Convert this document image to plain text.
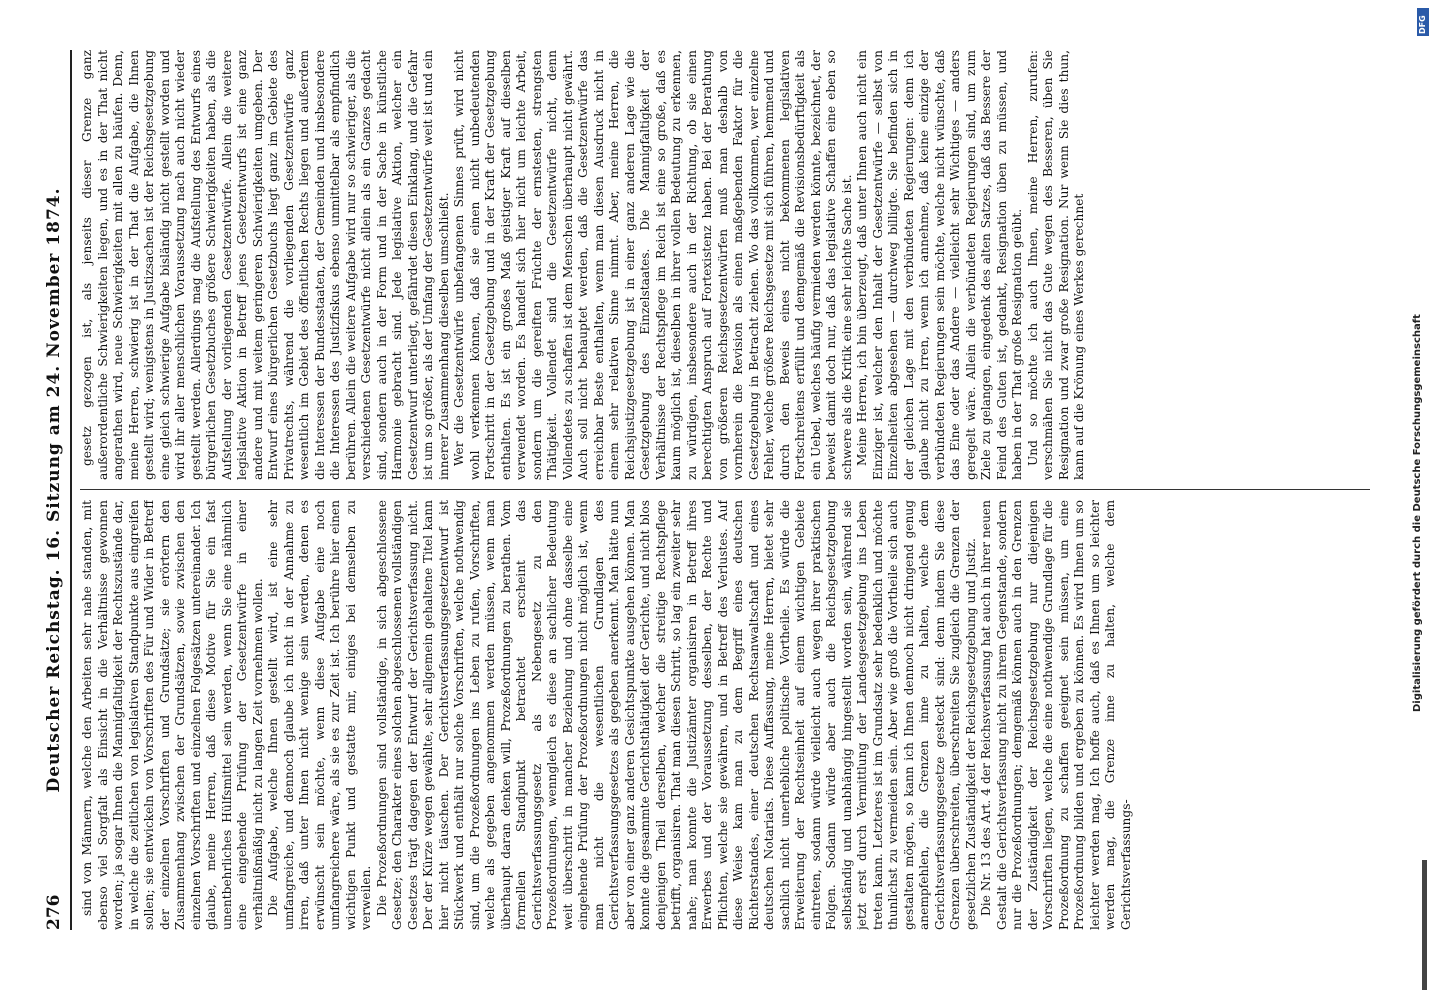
276
Deutscher Reichstag. 16. Sitzung am 24. November 1874. sind von Männern, welche den Arbeiten sehr nahe standen, mit ebenso viel Sorgfalt als Einsicht in die Verhältnisse gewonnen worden; ja sogar Ihnen die Mannigfaltigkeit der Rechtszustände dar, in welche die zeitlichen von legislativen Standpunkte aus eingreifen sollen; sie entwickeln von Vorschriften des Für und Wider in Betreff der einzelnen Vorschriften und Grundsätze; sie erörtern den Zusammenhang zwischen der Grundsätzen, sowie zwischen den einzelnen Vorschriften und einzelnen Folgesätzen untereinander. Ich glaube, meine Herren, daß diese Motive für Sie ein fast unentbehrliches Hülfsmittel sein werden, wenn Sie eine nähmlich eine eingehende Prüfung der Gesetzentwürfe in einer verhältnißmäßig nicht zu langen Zeit vornehmen wollen. Die Aufgabe, welche Ihnen gestellt wird, ist eine sehr umfangreiche, und dennoch glaube ich nicht in der Annahme zu irren, daß unter Ihnen nicht wenige sein werden, denen es erwünscht sein möchte, wenn diese Aufgabe eine noch umfangreichere wäre, als sie es zur Zeit ist. Ich berühre hier einen wichtigen Punkt und gestatte mir, einiges bei demselben zu verweilen. Die Prozeßordnungen sind vollständige, in sich abgeschlossene Gesetze; den Charakter eines solchen abgeschlossenen vollständigen Gesetzes trägt dagegen der Entwurf der Gerichtsverfassung nicht. Der der Kürze wegen gewählte, sehr allgemein gehaltene Titel kann hier nicht täuschen. Der Gerichtsverfassungsgesetzentwurf ist Stückwerk und enthält nur solche Vorschriften, welche nothwendig sind, um die Prozeßordnungen ins Leben zu rufen, Vorschriften, welche als gegeben angenommen werden müssen, wenn man überhaupt daran denken will, Prozeßordnungen zu berathen. Vom formellen Standpunkt betrachtet erscheint das Gerichtsverfassungsgesetz als Nebengesetz zu den Prozeßordnungen, wenngleich es diese an sachlicher Bedeutung weit überschritt in mancher Beziehung und ohne dasselbe eine eingehende Prüfung der Prozeßordnungen nicht möglich ist, wenn man nicht die wesentlichen Grundlagen des Gerichtsverfassungsgesetzes als gegeben anerkennt. Man hätte nun aber von einer ganz anderen Gesichtspunkte ausgehen können. Man konnte die gesammte Gerichtsthätigkeit der Gerichte, und nicht blos denjenigen Theil derselben, welcher die streitige Rechtspflege betrifft, organisiren. That man diesen Schritt, so lag ein zweiter sehr nahe; man konnte die Justizämter organisiren in Betreff ihres Erwerbes und der Voraussetzung desselben, der Rechte und Pflichten, welche sie gewähren, und in Betreff des Verlustes. Auf diese Weise kam man zu dem Begriff eines deutschen Richterstandes, einer deutschen Rechtsanwaltschaft und eines deutschen Notariats. Diese Auffassung, meine Herren, bietet sehr sachlich nicht unerhebliche politische Vortheile. Es würde die Erweiterung der Rechtseinheit auf einem wichtigen Gebiete eintreten, sodann würde vielleicht auch wegen ihrer praktischen Folgen. Sodann würde aber auch die Reichsgesetzgebung selbständig und unabhängig hingestellt worden sein, während sie jetzt erst durch Vermittlung der Landesgesetzgebung ins Leben treten kann. Letzteres ist im Grundsatz sehr bedenklich und möchte thunlichst zu vermeiden sein. Aber wie groß die Vortheile sich auch gestalten mögen, so kann ich Ihnen dennoch nicht dringend genug anempfehlen, die Grenzen inne zu halten, welche dem Gerichtsverfassungsgesetze gesteckt sind: denn indem Sie diese Grenzen überschreiten, überschreiten Sie zugleich die Grenzen der gesetzlichen Zuständigkeit der Reichsgesetzgebung und Justiz. Die Nr. 13 des Art. 4 der Reichsverfassung hat auch in ihrer neuen Gestalt die Gerichtsverfassung nicht zu ihrem Gegenstande, sondern nur die Prozeßordnungen; demgemäß können auch in den Grenzen der Zuständigkeit der Reichsgesetzgebung nur diejenigen Vorschriften liegen, welche die eine nothwendige Grundlage für die Prozeßordnung zu schaffen geeignet sein müssen, um eine Prozeßordnung bilden und ergeben zu können. Es wird Ihnen um so leichter werden mag, Ich hoffe auch, daß es Ihnen um so leichter werden mag, die Grenze inne zu halten, welche dem Gerichtsverfassungs-

gesetz gezogen ist, als jenseits dieser Grenze ganz außerordentliche Schwierigkeiten liegen, und es in der That nicht angerathen wird, neue Schwierigkeiten mit allen zu häufen. Denn, meine Herren, schwierig ist in der That die Aufgabe, die Ihnen gestellt wird; wenigstens in Justizsachen ist der Reichsgesetzgebung eine gleich schwierige Aufgabe bisländig nicht gestellt worden und wird ihr aller menschlichen Voraussetzung nach auch nicht wieder gestellt werden. Allerdings mag die Aufstellung des Entwurfs eines bürgerlichen Gesetzbuches größere Schwierigkeiten haben, als die Aufstellung der vorliegenden Gesetzentwürfe. Allein die weitere legislative Aktion in Betreff jenes Gesetzentwurfs ist eine ganz andere und mit weitem geringeren Schwierigkeiten umgeben. Der Entwurf eines bürgerlichen Gesetzbuchs liegt ganz im Gebiete des Privatrechts, während die vorliegenden Gesetzentwürfe ganz wesentlich im Gebiet des öffentlichen Rechts liegen und außerdem die Interessen der Bundesstaaten, der Gemeinden und insbesondere die Interessen des Justizfiskus ebenso unmittelbar als empfindlich berühren. Allein die weitere Aufgabe wird nur so schwieriger, als die verschiedenen Gesetzentwürfe nicht allein als ein Ganzes gedacht sind, sondern auch in der Form und in der Sache in künstliche Harmonie gebracht sind. Jede legislative Aktion, welcher ein Gesetzentwurf unterliegt, gefährdet diesen Einklang, und die Gefahr ist um so größer, als der Umfang der Gesetzentwürfe weit ist und ein innerer Zusammenhang dieselben umschließt. Wer die Gesetzentwürfe unbefangenen Sinnes prüft, wird nicht wohl verkennen können, daß sie einen nicht unbedeutenden Fortschritt in der Gesetzgebung und in der Kraft der Gesetzgebung enthalten. Es ist ein großes Maß geistiger Kraft auf dieselben verwendet worden. Es handelt sich hier nicht um leichte Arbeit, sondern um die gereiften Früchte der ernstesten, strengsten Thätigkeit. Vollendet sind die Gesetzentwürfe nicht, denn Vollendetes zu schaffen ist dem Menschen überhaupt nicht gewährt. Auch soll nicht behauptet werden, daß die Gesetzentwürfe das erreichbar Beste enthalten, wenn man diesen Ausdruck nicht in einem sehr relativen Sinne nimmt. Aber, meine Herren, die Reichsjustizgesetzgebung ist in einer ganz anderen Lage wie die Gesetzgebung des Einzelstaates. Die Mannigfaltigkeit der Verhältnisse der Rechtspflege im Reich ist eine so große, daß es kaum möglich ist, dieselben in ihrer vollen Bedeutung zu erkennen, zu würdigen, insbesondere auch in der Richtung, ob sie einen berechtigten Anspruch auf Fortexistenz haben. Bei der Berathung von größeren Reichsgesetzentwürfen muß man deshalb von vornherein die Revision als einen maßgebenden Faktor für die Gesetzgebung in Betracht ziehen. Wo das vollkommen, wer einzelne Fehler, welche größere Reichsgesetze mit sich führen, hemmend und durch den Beweis eines nicht bekommenen legislativen Fortschreitens erfüllt und demgemäß die Revisionsbedürftigkeit als ein Uebel, welches häufig vermieden werden könnte, bezeichnet, der beweist damit doch nur, daß das legislative Schaffen eine eben so schwere als die Kritik eine sehr leichte Sache ist. Meine Herren, ich bin überzeugt, daß unter Ihnen auch nicht ein Einziger ist, welcher den Inhalt der Gesetzentwürfe — selbst von Einzelheiten abgesehen — durchweg billigte. Sie befinden sich in der gleichen Lage mit den verbündeten Regierungen: denn ich glaube nicht zu irren, wenn ich annehme, daß keine einzige der verbündeten Regierungen sein möchte, welche nicht wünschte, daß das Eine oder das Andere — vielleicht sehr Wichtiges — anders geregelt wäre. Allein die verbündeten Regierungen sind, um zum Ziele zu gelangen, eingedenk des alten Satzes, daß das Bessere der Feind des Guten ist, gedankt, Resignation üben zu müssen, und haben in der That große Resignation geübt. Und so möchte ich auch Ihnen, meine Herren, zurufen: verschmähen Sie nicht das Gute wegen des Besseren, üben Sie Resignation und zwar große Resignation. Nur wenn Sie dies thun, kann auf die Krönung eines Werkes gerechnet

DFG
Digitalisierung gefördert durch die Deutsche Forschungsgemeinschaft
